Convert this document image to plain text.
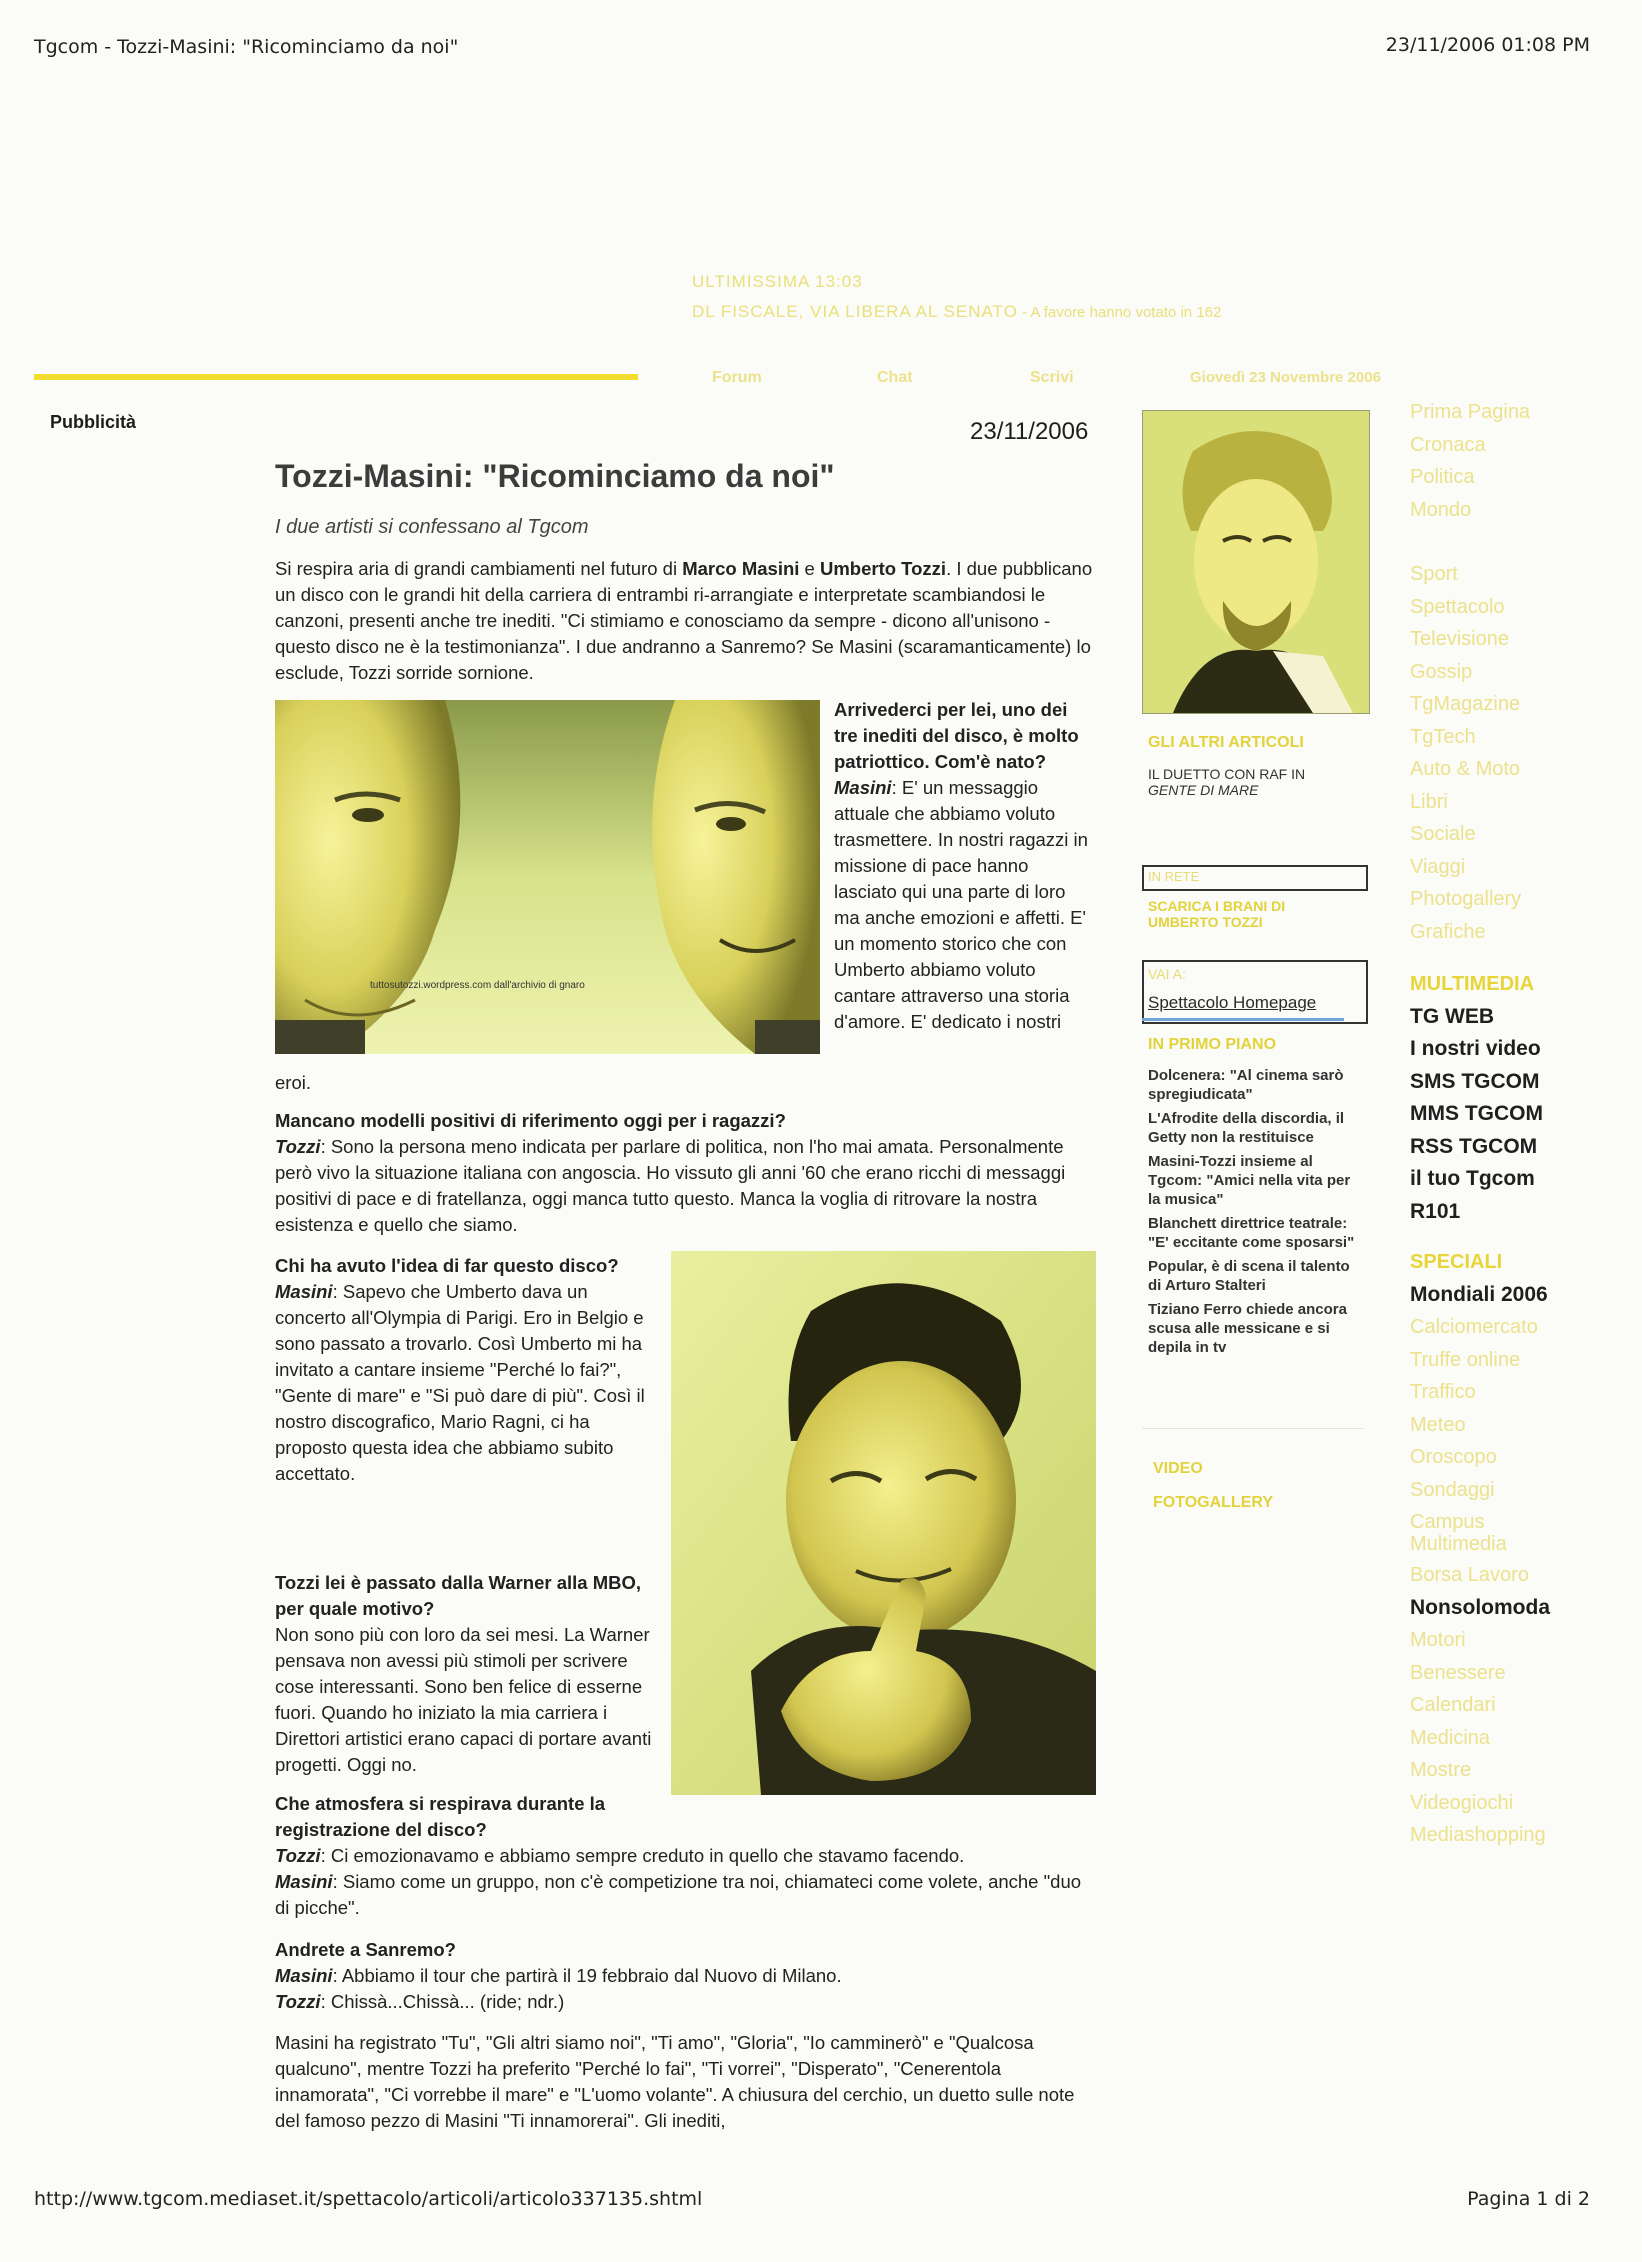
Tgcom - Tozzi-Masini: "Ricominciamo da noi"	23/11/2006 01:08 PM
ULTIMISSIMA 13:03
DL FISCALE, VIA LIBERA AL SENATO - A favore hanno votato in 162
Forum	Chat	Scrivi	Giovedì 23 Novembre 2006
Pubblicità	23/11/2006
Tozzi-Masini: "Ricominciamo da noi"
I due artisti si confessano al Tgcom
Si respira aria di grandi cambiamenti nel futuro di Marco Masini e Umberto Tozzi. I due pubblicano un disco con le grandi hit della carriera di entrambi ri-arrangiate e interpretate scambiandosi le canzoni, presenti anche tre inediti. "Ci stimiamo e conosciamo da sempre - dicono all'unisono - questo disco ne è la testimonianza". I due andranno a Sanremo? Se Masini (scaramanticamente) lo esclude, Tozzi sorride sornione.
tuttosutozzi.wordpress.com dall'archivio di gnaro
Arrivederci per lei, uno dei tre inediti del disco, è molto patriottico. Com'è nato?
Masini: E' un messaggio attuale che abbiamo voluto trasmettere. In nostri ragazzi in missione di pace hanno lasciato qui una parte di loro ma anche emozioni e affetti. E' un momento storico che con Umberto abbiamo voluto cantare attraverso una storia d'amore. E' dedicato i nostri
eroi.
Mancano modelli positivi di riferimento oggi per i ragazzi?
Tozzi: Sono la persona meno indicata per parlare di politica, non l'ho mai amata. Personalmente però vivo la situazione italiana con angoscia. Ho vissuto gli anni '60 che erano ricchi di messaggi positivi di pace e di fratellanza, oggi manca tutto questo. Manca la voglia di ritrovare la nostra esistenza e quello che siamo.
Chi ha avuto l'idea di far questo disco?
Masini: Sapevo che Umberto dava un concerto all'Olympia di Parigi. Ero in Belgio e sono passato a trovarlo. Così Umberto mi ha invitato a cantare insieme "Perché lo fai?", "Gente di mare" e "Si può dare di più". Così il nostro discografico, Mario Ragni, ci ha proposto questa idea che abbiamo subito accettato.
Tozzi lei è passato dalla Warner alla MBO, per quale motivo?
Non sono più con loro da sei mesi. La Warner pensava non avessi più stimoli per scrivere cose interessanti. Sono ben felice di esserne fuori. Quando ho iniziato la mia carriera i Direttori artistici erano capaci di portare avanti progetti. Oggi no.
Che atmosfera si respirava durante la registrazione del disco?
Tozzi: Ci emozionavamo e abbiamo sempre creduto in quello che stavamo facendo.
Masini: Siamo come un gruppo, non c'è competizione tra noi, chiamateci come volete, anche "duo di picche".
Andrete a Sanremo?
Masini: Abbiamo il tour che partirà il 19 febbraio dal Nuovo di Milano.
Tozzi: Chissà...Chissà... (ride; ndr.)
Masini ha registrato "Tu", "Gli altri siamo noi", "Ti amo", "Gloria", "Io camminerò" e "Qualcosa qualcuno", mentre Tozzi ha preferito "Perché lo fai", "Ti vorrei", "Disperato", "Cenerentola innamorata", "Ci vorrebbe il mare" e "L'uomo volante". A chiusura del cerchio, un duetto sulle note del famoso pezzo di Masini "Ti innamorerai". Gli inediti,
GLI ALTRI ARTICOLI
IL DUETTO CON RAF IN
GENTE DI MARE
IN RETE
SCARICA I BRANI DI UMBERTO TOZZI
VAI A:
Spettacolo Homepage
IN PRIMO PIANO
Dolcenera: "Al cinema sarò spregiudicata"
L'Afrodite della discordia, il Getty non la restituisce
Masini-Tozzi insieme al Tgcom: "Amici nella vita per la musica"
Blanchett direttrice teatrale: "E' eccitante come sposarsi"
Popular, è di scena il talento di Arturo Stalteri
Tiziano Ferro chiede ancora scusa alle messicane e si depila in tv
VIDEO
FOTOGALLERY
Prima Pagina
Cronaca
Politica
Mondo
Sport
Spettacolo
Televisione
Gossip
TgMagazine
TgTech
Auto & Moto
Libri
Sociale
Viaggi
Photogallery
Grafiche
MULTIMEDIA
TG WEB
I nostri video
SMS TGCOM
MMS TGCOM
RSS TGCOM
il tuo Tgcom
R101
SPECIALI
Mondiali 2006
Calciomercato
Truffe online
Traffico
Meteo
Oroscopo
Sondaggi
Campus Multimedia
Borsa Lavoro
Nonsolomoda
Motori
Benessere
Calendari
Medicina
Mostre
Videogiochi
Mediashopping
http://www.tgcom.mediaset.it/spettacolo/articoli/articolo337135.shtml	Pagina 1 di 2
